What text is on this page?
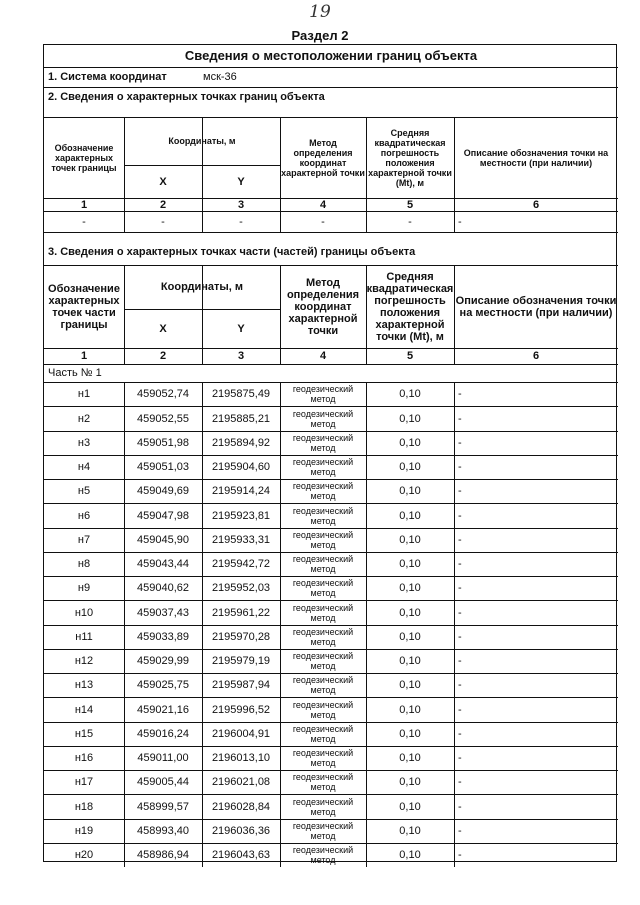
19
Раздел 2
Сведения о местоположении границ объекта
1. Система координат	мск-36
2. Сведения о характерных точках границ объекта
3. Сведения о характерных точках части (частей) границы объекта
Часть № 1
Обозначение характерных точек границы
Координаты, м
X	Y
Метод определения координат характерной точки
Средняя квадратическая погрешность положения характерной точки (Mt), м
Описание обозначения точки на местности (при наличии)
1	2	3	4	5	6
-	-	-	-	-	-
Обозначение характерных точек части границы
Координаты, м
X	Y
Метод определения координат характерной точки
Средняя квадратическая погрешность положения характерной точки (Mt), м
Описание обозначения точки на местности (при наличии)
1	2	3	4	5	6
н1	459052,74	2195875,49	геодезический метод	0,10	-
н2	459052,55	2195885,21	геодезический метод	0,10	-
н3	459051,98	2195894,92	геодезический метод	0,10	-
н4	459051,03	2195904,60	геодезический метод	0,10	-
н5	459049,69	2195914,24	геодезический метод	0,10	-
н6	459047,98	2195923,81	геодезический метод	0,10	-
н7	459045,90	2195933,31	геодезический метод	0,10	-
н8	459043,44	2195942,72	геодезический метод	0,10	-
н9	459040,62	2195952,03	геодезический метод	0,10	-
н10	459037,43	2195961,22	геодезический метод	0,10	-
н11	459033,89	2195970,28	геодезический метод	0,10	-
н12	459029,99	2195979,19	геодезический метод	0,10	-
н13	459025,75	2195987,94	геодезический метод	0,10	-
н14	459021,16	2195996,52	геодезический метод	0,10	-
н15	459016,24	2196004,91	геодезический метод	0,10	-
н16	459011,00	2196013,10	геодезический метод	0,10	-
н17	459005,44	2196021,08	геодезический метод	0,10	-
н18	458999,57	2196028,84	геодезический метод	0,10	-
н19	458993,40	2196036,36	геодезический метод	0,10	-
н20	458986,94	2196043,63	геодезический метод	0,10	-
